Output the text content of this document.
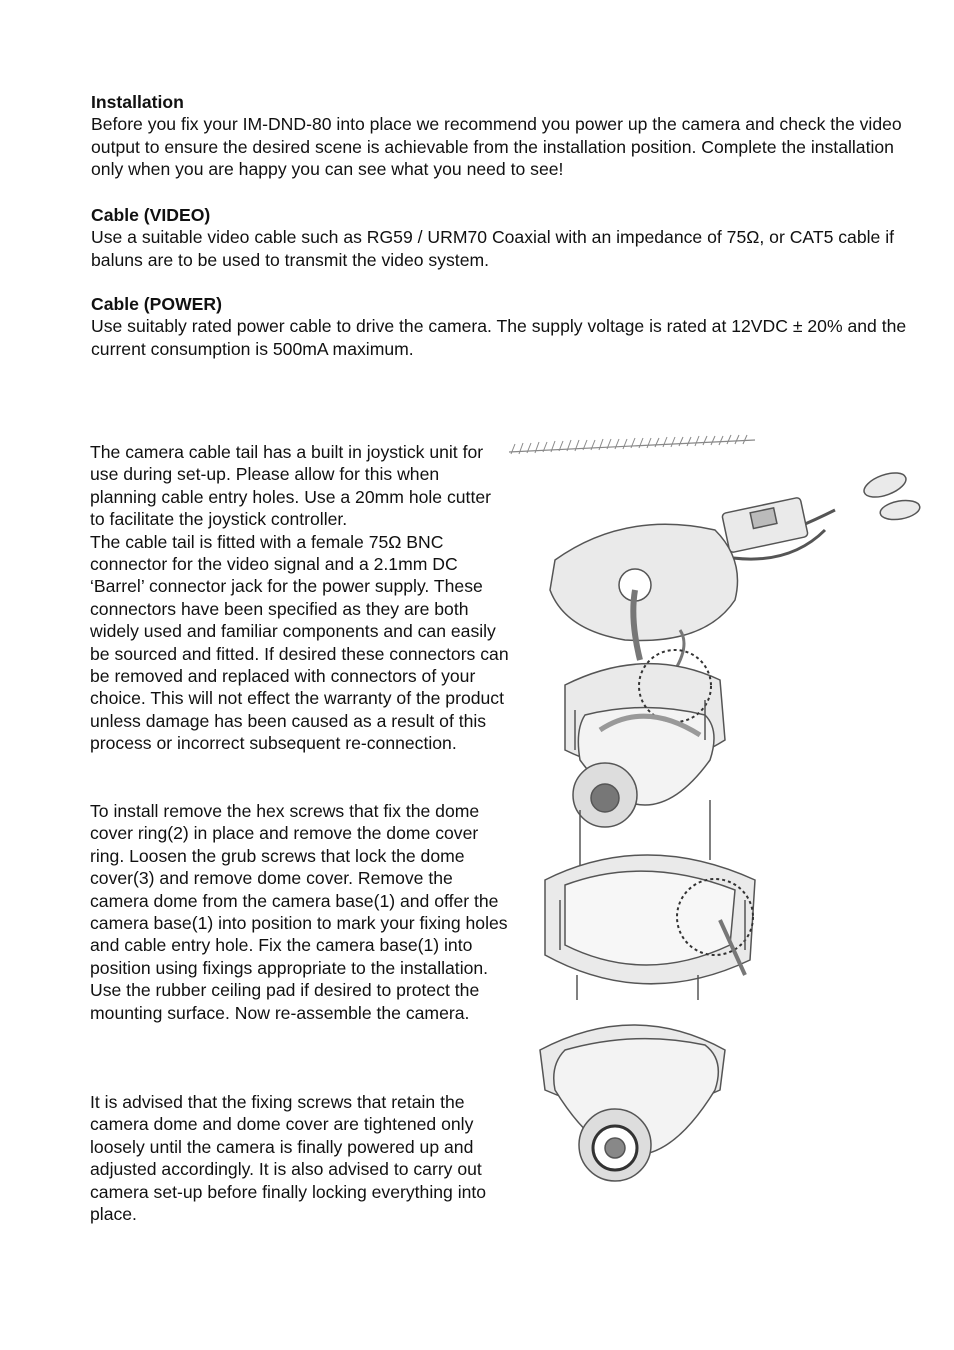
Installation

Before you fix your IM-DND-80 into place we recommend you power up the camera and check the video output to ensure the desired scene is achievable from the installation position. Complete the installation only when you are happy you can see what you need to see!

Cable (VIDEO)

Use a suitable video cable such as RG59 / URM70 Coaxial with an impedance of 75Ω, or CAT5 cable if baluns are to be used to transmit the video system.

Cable (POWER)

Use suitably rated power cable to drive the camera. The supply voltage is rated at 12VDC ± 20% and the current consumption is 500mA maximum.

The camera cable tail has a built in joystick unit for use during set-up. Please allow for this when planning cable entry holes. Use a 20mm hole cutter to facilitate the joystick controller.

The cable tail is fitted with a female 75Ω BNC connector for the video signal and a 2.1mm DC ‘Barrel’ connector jack for the power supply. These connectors have been specified as they are both widely used and familiar components and can easily be sourced and fitted. If desired these connectors can be removed and replaced with connectors of your choice. This will not effect the warranty of the product unless damage has been caused as a result of this process or incorrect subsequent re-connection.

To install remove the hex screws that fix the dome cover ring(2) in place and remove the dome cover ring. Loosen the grub screws that lock the dome cover(3) and remove dome cover. Remove the camera dome from the camera base(1) and offer the camera base(1) into position to mark your fixing holes and cable entry hole. Fix the camera base(1) into position using fixings appropriate to the installation. Use the rubber ceiling pad if desired to protect the mounting surface. Now re-assemble the camera.

It is advised that the fixing screws that retain the camera dome and dome cover are tightened only loosely until the camera is finally powered up and adjusted accordingly. It is also advised to carry out camera set-up before finally locking everything into place.
